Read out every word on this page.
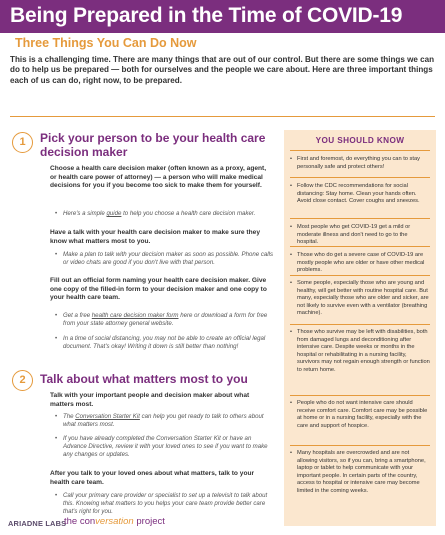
Being Prepared in the Time of COVID-19
Three Things You Can Do Now
This is a challenging time. There are many things that are out of our control. But there are some things we can do to help us be prepared — both for ourselves and the people we care about. Here are three important things each of us can do, right now, to be prepared.
1	Pick your person to be your health care decision maker
Choose a health care decision maker (often known as a proxy, agent, or health care power of attorney) — a person who will make medical decisions for you if you become too sick to make them for yourself.
• Here's a simple guide to help you choose a health care decision maker.
Have a talk with your health care decision maker to make sure they know what matters most to you.
• Make a plan to talk with your decision maker as soon as possible. Phone calls or video chats are good if you don't live with that person.
Fill out an official form naming your health care decision maker. Give one copy of the filled-in form to your decision maker and one copy to your health care team.
• Get a free health care decision maker form here or download a form for free from your state attorney general website.
• In a time of social distancing, you may not be able to create an official legal document. That's okay! Writing it down is still better than nothing!
2	Talk about what matters most to you
Talk with your important people and decision maker about what matters most.
• The Conversation Starter Kit can help you get ready to talk to others about what matters most.
• If you have already completed the Conversation Starter Kit or have an Advance Directive, review it with your loved ones to see if you want to make any changes or updates.
After you talk to your loved ones about what matters, talk to your health care team.
• Call your primary care provider or specialist to set up a televisit to talk about this. Knowing what matters to you helps your care team provide better care that's right for you.
YOU SHOULD KNOW
• First and foremost, do everything you can to stay personally safe and protect others!
• Follow the CDC recommendations for social distancing: Stay home. Clean your hands often. Avoid close contact. Cover coughs and sneezes.
• Most people who get COVID-19 get a mild or moderate illness and don't need to go to the hospital.
• Those who do get a severe case of COVID-19 are mostly people who are older or have other medical problems.
• Some people, especially those who are young and healthy, will get better with routine hospital care. But many, especially those who are older and sicker, are not likely to survive even with a ventilator (breathing machine).
• Those who survive may be left with disabilities, both from damaged lungs and deconditioning after intensive care. Despite weeks or months in the hospital or rehabilitating in a nursing facility, survivors may not regain enough strength or function to return home.
• People who do not want intensive care should receive comfort care. Comfort care may be possible at home or in a nursing facility, especially with the care and support of hospice.
• Many hospitals are overcrowded and are not allowing visitors, so if you can, bring a smartphone, laptop or tablet to help communicate with your important people. In certain parts of the country, access to hospital or intensive care may become limited in the coming weeks.
ARIADNE LABS
the conversation project
